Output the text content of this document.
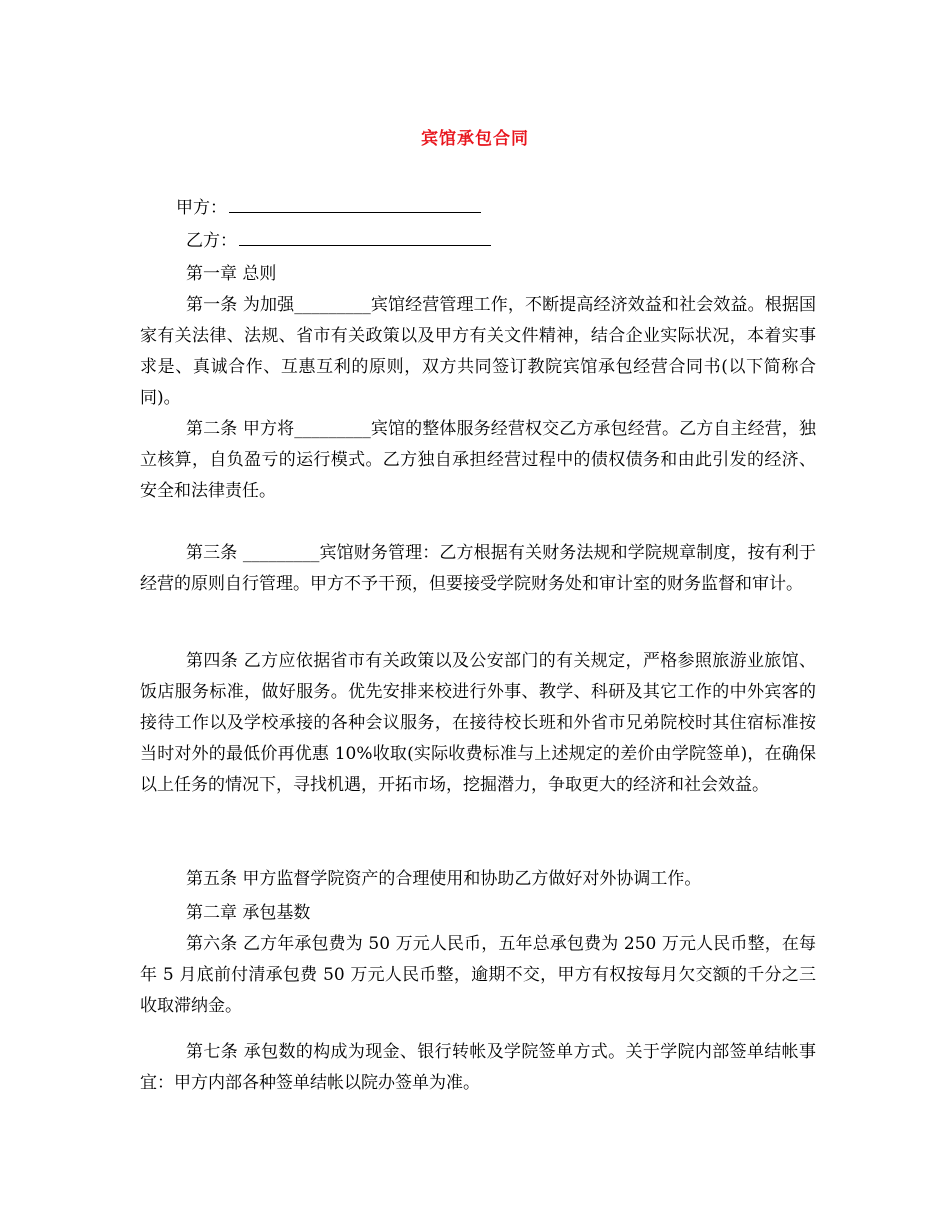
宾馆承包合同
甲方：
乙方：
第一章 总则
第一条 为加强_________宾馆经营管理工作，不断提高经济效益和社会效益。根据国家有关法律、法规、省市有关政策以及甲方有关文件精神，结合企业实际状况，本着实事求是、真诚合作、互惠互利的原则，双方共同签订教院宾馆承包经营合同书(以下简称合同)。
第二条 甲方将_________宾馆的整体服务经营权交乙方承包经营。乙方自主经营，独立核算，自负盈亏的运行模式。乙方独自承担经营过程中的债权债务和由此引发的经济、安全和法律责任。
第三条 _________宾馆财务管理：乙方根据有关财务法规和学院规章制度，按有利于经营的原则自行管理。甲方不予干预，但要接受学院财务处和审计室的财务监督和审计。
第四条 乙方应依据省市有关政策以及公安部门的有关规定，严格参照旅游业旅馆、饭店服务标准，做好服务。优先安排来校进行外事、教学、科研及其它工作的中外宾客的接待工作以及学校承接的各种会议服务，在接待校长班和外省市兄弟院校时其住宿标准按当时对外的最低价再优惠 10%收取(实际收费标准与上述规定的差价由学院签单)，在确保以上任务的情况下，寻找机遇，开拓市场，挖掘潜力，争取更大的经济和社会效益。
第五条 甲方监督学院资产的合理使用和协助乙方做好对外协调工作。
第二章 承包基数
第六条 乙方年承包费为 50 万元人民币，五年总承包费为 250 万元人民币整，在每年 5 月底前付清承包费 50 万元人民币整，逾期不交，甲方有权按每月欠交额的千分之三收取滞纳金。
第七条 承包数的构成为现金、银行转帐及学院签单方式。关于学院内部签单结帐事宜：甲方内部各种签单结帐以院办签单为准。
